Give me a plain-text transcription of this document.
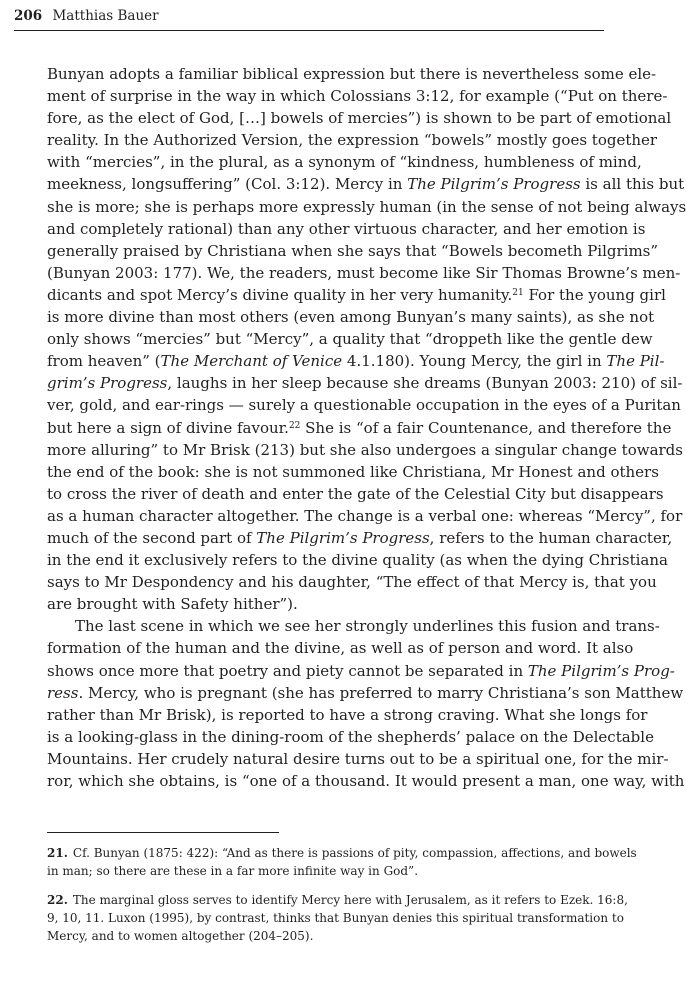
206 Matthias Bauer

Bunyan adopts a familiar biblical expression but there is nevertheless some ele-
ment of surprise in the way in which Colossians 3:12, for example (“Put on there-
fore, as the elect of God, […] bowels of mercies”) is shown to be part of emotional
reality. In the Authorized Version, the expression “bowels” mostly goes together
with “mercies”, in the plural, as a synonym of “kindness, humbleness of mind,
meekness, longsuffering” (Col. 3:12). Mercy in The Pilgrim’s Progress is all this but
she is more; she is perhaps more expressly human (in the sense of not being always
and completely rational) than any other virtuous character, and her emotion is
generally praised by Christiana when she says that “Bowels becometh Pilgrims”
(Bunyan 2003: 177). We, the readers, must become like Sir Thomas Browne’s men-
dicants and spot Mercy’s divine quality in her very humanity.$^{21}$ For the young girl
is more divine than most others (even among Bunyan’s many saints), as she not
only shows “mercies” but “Mercy”, a quality that “droppeth like the gentle dew
from heaven” (The Merchant of Venice 4.1.180). Young Mercy, the girl in The Pil-
grim’s Progress, laughs in her sleep because she dreams (Bunyan 2003: 210) of sil-
ver, gold, and ear-rings — surely a questionable occupation in the eyes of a Puritan
but here a sign of divine favour.$^{22}$ She is “of a fair Countenance, and therefore the
more alluring” to Mr Brisk (213) but she also undergoes a singular change towards
the end of the book: she is not summoned like Christiana, Mr Honest and others
to cross the river of death and enter the gate of the Celestial City but disappears
as a human character altogether. The change is a verbal one: whereas “Mercy”, for
much of the second part of The Pilgrim’s Progress, refers to the human character,
in the end it exclusively refers to the divine quality (as when the dying Christiana
says to Mr Despondency and his daughter, “The effect of that Mercy is, that you
are brought with Safety hither”).

The last scene in which we see her strongly underlines this fusion and trans-
formation of the human and the divine, as well as of person and word. It also
shows once more that poetry and piety cannot be separated in The Pilgrim’s Prog-
ress. Mercy, who is pregnant (she has preferred to marry Christiana’s son Matthew
rather than Mr Brisk), is reported to have a strong craving. What she longs for
is a looking-glass in the dining-room of the shepherds’ palace on the Delectable
Mountains. Her crudely natural desire turns out to be a spiritual one, for the mir-
ror, which she obtains, is “one of a thousand. It would present a man, one way, with

21. Cf. Bunyan (1875: 422): “And as there is passions of pity, compassion, affections, and bowels
in man; so there are these in a far more infinite way in God”.
22. The marginal gloss serves to identify Mercy here with Jerusalem, as it refers to Ezek. 16:8,
9, 10, 11. Luxon (1995), by contrast, thinks that Bunyan denies this spiritual transformation to
Mercy, and to women altogether (204–205).
